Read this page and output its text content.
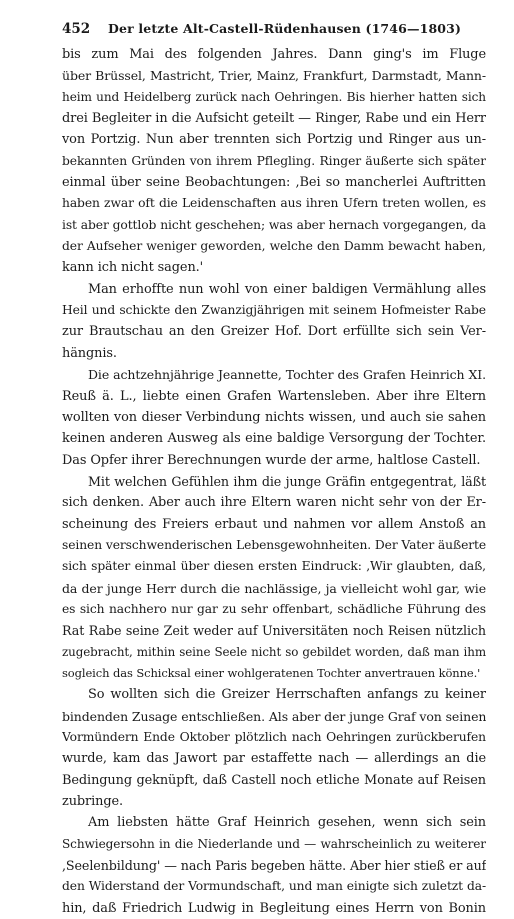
452 Der letzte Alt-Castell-Rüdenhausen (1746—1803)
bis zum Mai des folgenden Jahres. Dann ging's im Fluge
über Brüssel, Mastricht, Trier, Mainz, Frankfurt, Darmstadt, Mann-
heim und Heidelberg zurück nach Oehringen. Bis hierher hatten sich
drei Begleiter in die Aufsicht geteilt — Ringer, Rabe und ein Herr
von Portzig. Nun aber trennten sich Portzig und Ringer aus un-
bekannten Gründen von ihrem Pflegling. Ringer äußerte sich später
einmal über seine Beobachtungen: ,Bei so mancherlei Auftritten
haben zwar oft die Leidenschaften aus ihren Ufern treten wollen, es
ist aber gottlob nicht geschehen; was aber hernach vorgegangen, da
der Aufseher weniger geworden, welche den Damm bewacht haben,
kann ich nicht sagen.'
Man erhoffte nun wohl von einer baldigen Vermählung alles
Heil und schickte den Zwanzigjährigen mit seinem Hofmeister Rabe
zur Brautschau an den Greizer Hof. Dort erfüllte sich sein Ver-
hängnis.
Die achtzehnjährige Jeannette, Tochter des Grafen Heinrich XI.
Reuß ä. L., liebte einen Grafen Wartensleben. Aber ihre Eltern
wollten von dieser Verbindung nichts wissen, und auch sie sahen
keinen anderen Ausweg als eine baldige Versorgung der Tochter.
Das Opfer ihrer Berechnungen wurde der arme, haltlose Castell.
Mit welchen Gefühlen ihm die junge Gräfin entgegentrat, läßt
sich denken. Aber auch ihre Eltern waren nicht sehr von der Er-
scheinung des Freiers erbaut und nahmen vor allem Anstoß an
seinen verschwenderischen Lebensgewohnheiten. Der Vater äußerte
sich später einmal über diesen ersten Eindruck: ,Wir glaubten, daß,
da der junge Herr durch die nachlässige, ja vielleicht wohl gar, wie
es sich nachhero nur gar zu sehr offenbart, schädliche Führung des
Rat Rabe seine Zeit weder auf Universitäten noch Reisen nützlich
zugebracht, mithin seine Seele nicht so gebildet worden, daß man ihm
sogleich das Schicksal einer wohlgeratenen Tochter anvertrauen könne.'
So wollten sich die Greizer Herrschaften anfangs zu keiner
bindenden Zusage entschließen. Als aber der junge Graf von seinen
Vormündern Ende Oktober plötzlich nach Oehringen zurückberufen
wurde, kam das Jawort par estaffette nach — allerdings an die
Bedingung geknüpft, daß Castell noch etliche Monate auf Reisen
zubringe.
Am liebsten hätte Graf Heinrich gesehen, wenn sich sein
Schwiegersohn in die Niederlande und — wahrscheinlich zu weiterer
,Seelenbildung' — nach Paris begeben hätte. Aber hier stieß er auf
den Widerstand der Vormundschaft, und man einigte sich zuletzt da-
hin, daß Friedrich Ludwig in Begleitung eines Herrn von Bonin
